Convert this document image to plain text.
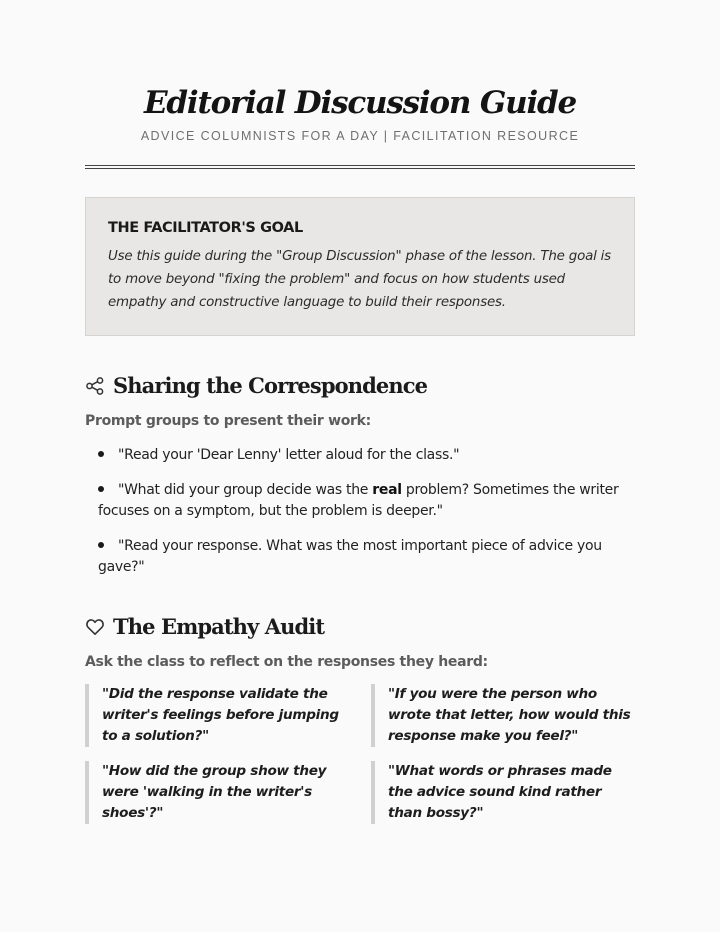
Editorial Discussion Guide
ADVICE COLUMNISTS FOR A DAY | FACILITATION RESOURCE
THE FACILITATOR'S GOAL

Use this guide during the "Group Discussion" phase of the lesson. The goal is to move beyond "fixing the problem" and focus on how students used empathy and constructive language to build their responses.

Sharing the Correspondence
Prompt groups to present their work:
"Read your 'Dear Lenny' letter aloud for the class."
"What did your group decide was the real problem? Sometimes the writer focuses on a symptom, but the problem is deeper."
"Read your response. What was the most important piece of advice you gave?"
The Empathy Audit
Ask the class to reflect on the responses they heard:
"Did the response validate the writer's feelings before jumping to a solution?"
"If you were the person who wrote that letter, how would this response make you feel?"
"How did the group show they were 'walking in the writer's shoes'?"
"What words or phrases made the advice sound kind rather than bossy?"
